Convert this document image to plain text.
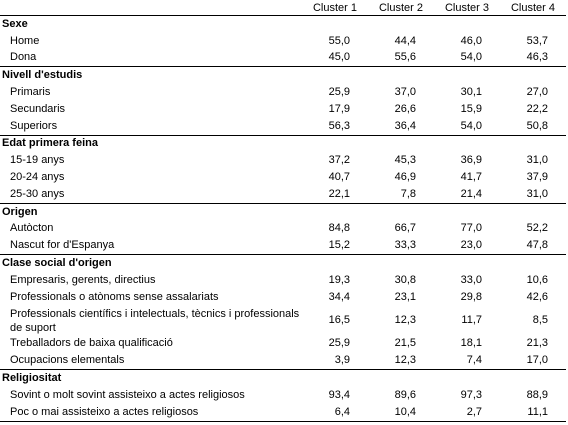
	Cluster 1	Cluster 2	Cluster 3	Cluster 4
Sexe				
Home	55,0	44,4	46,0	53,7
Dona	45,0	55,6	54,0	46,3
Nivell d'estudis				
Primaris	25,9	37,0	30,1	27,0
Secundaris	17,9	26,6	15,9	22,2
Superiors	56,3	36,4	54,0	50,8
Edat primera feina				
15-19 anys	37,2	45,3	36,9	31,0
20-24 anys	40,7	46,9	41,7	37,9
25-30 anys	22,1	7,8	21,4	31,0
Origen				
Autòcton	84,8	66,7	77,0	52,2
Nascut for d'Espanya	15,2	33,3	23,0	47,8
Clase social d'origen				
Empresaris, gerents, directius	19,3	30,8	33,0	10,6
Professionals o atònoms sense assalariats	34,4	23,1	29,8	42,6
Professionals científics i intelectuals, tècnics i professionals de suport	16,5	12,3	11,7	8,5
Treballadors de baixa qualificació	25,9	21,5	18,1	21,3
Ocupacions elementals	3,9	12,3	7,4	17,0
Religiositat				
Sovint o molt sovint assisteixo a actes religiosos	93,4	89,6	97,3	88,9
Poc o mai assisteixo a actes religiosos	6,4	10,4	2,7	11,1
